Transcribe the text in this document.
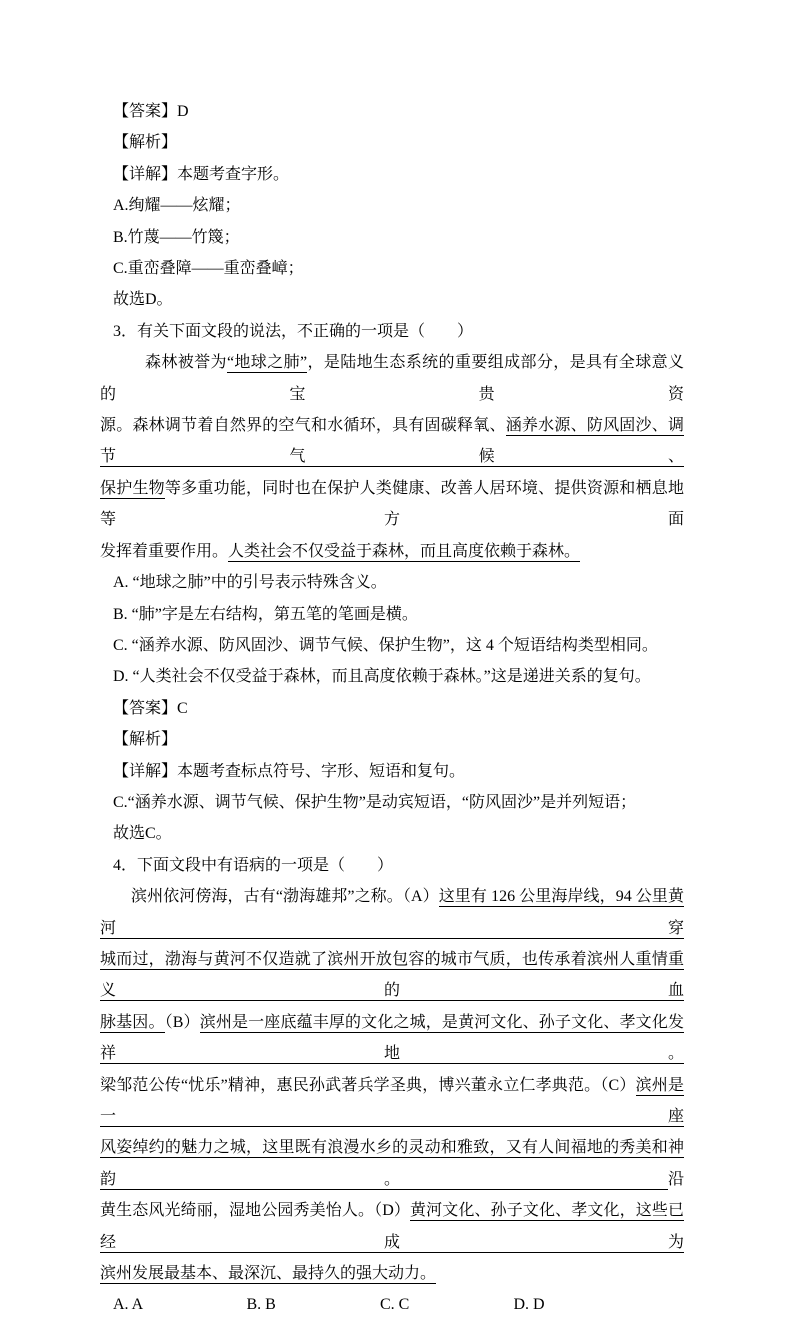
【答案】D
【解析】
【详解】本题考查字形。
A.绚耀——炫耀；
B.竹蔑——竹篾；
C.重峦叠障——重峦叠嶂；
故选D。
3．有关下面文段的说法，不正确的一项是（　　）
森林被誉为“地球之肺”，是陆地生态系统的重要组成部分，是具有全球意义的宝贵资
源。森林调节着自然界的空气和水循环，具有固碳释氧、涵养水源、防风固沙、调节气候、
保护生物等多重功能，同时也在保护人类健康、改善人居环境、提供资源和栖息地等方面
发挥着重要作用。人类社会不仅受益于森林，而且高度依赖于森林。
A. “地球之肺”中的引号表示特殊含义。
B. “肺”字是左右结构，第五笔的笔画是横。
C. “涵养水源、防风固沙、调节气候、保护生物”，这 4 个短语结构类型相同。
D. “人类社会不仅受益于森林，而且高度依赖于森林。”这是递进关系的复句。
【答案】C
【解析】
【详解】本题考查标点符号、字形、短语和复句。
C.“涵养水源、调节气候、保护生物”是动宾短语，“防风固沙”是并列短语；
故选C。
4．下面文段中有语病的一项是（　　）
滨州依河傍海，古有“渤海雄邦”之称。（A）这里有 126 公里海岸线，94 公里黄河穿
城而过，渤海与黄河不仅造就了滨州开放包容的城市气质，也传承着滨州人重情重义的血
脉基因。（B）滨州是一座底蕴丰厚的文化之城，是黄河文化、孙子文化、孝文化发祥地。
梁邹范公传“忧乐”精神，惠民孙武著兵学圣典，博兴董永立仁孝典范。（C）滨州是一座
风姿绰约的魅力之城，这里既有浪漫水乡的灵动和雅致，又有人间福地的秀美和神韵。沿
黄生态风光绮丽，湿地公园秀美怡人。（D）黄河文化、孙子文化、孝文化，这些已经成为
滨州发展最基本、最深沉、最持久的强大动力。
A. A	B. B	C. C	D. D
